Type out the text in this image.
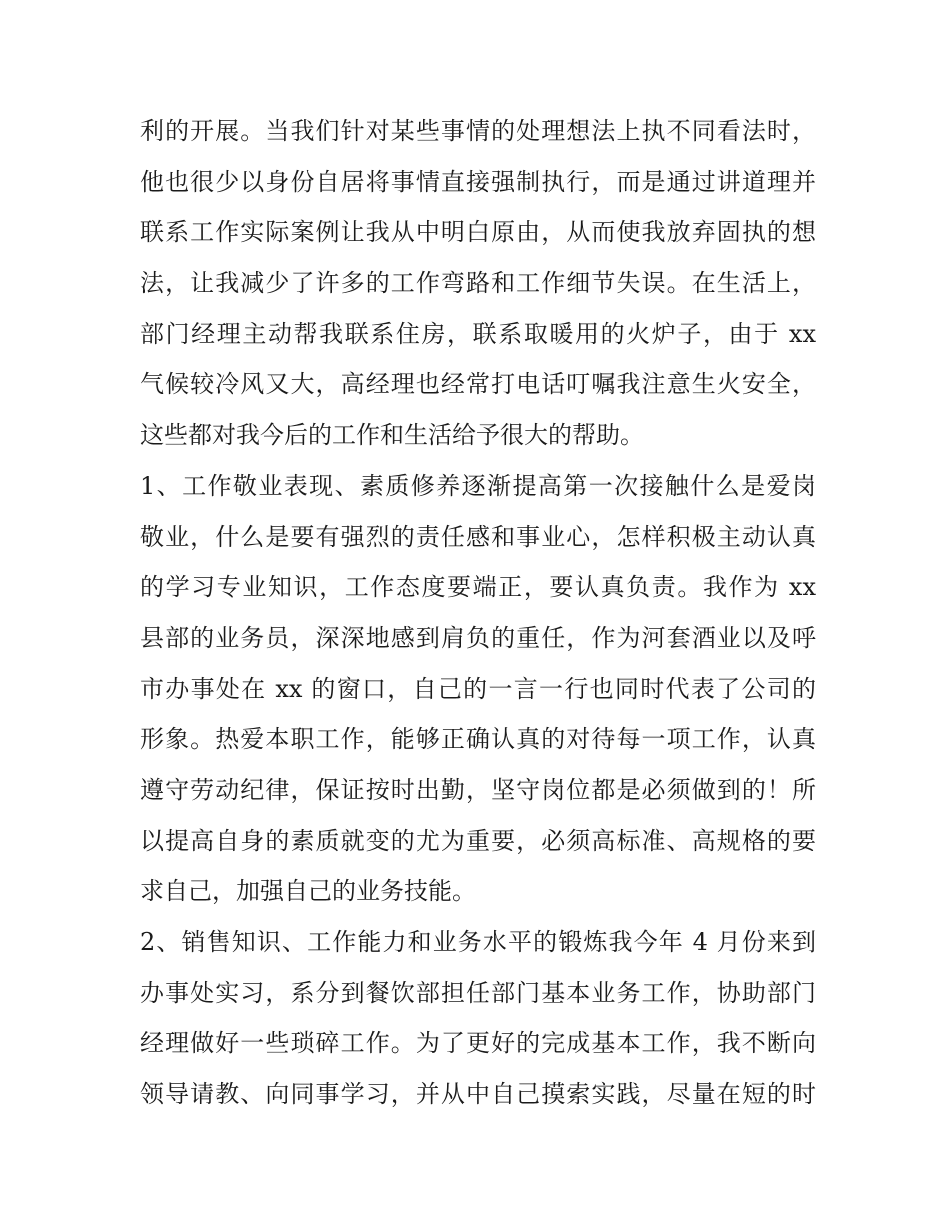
利的开展。当我们针对某些事情的处理想法上执不同看法时，
他也很少以身份自居将事情直接强制执行，而是通过讲道理并
联系工作实际案例让我从中明白原由，从而使我放弃固执的想
法，让我减少了许多的工作弯路和工作细节失误。在生活上，
部门经理主动帮我联系住房，联系取暖用的火炉子，由于 xx
气候较冷风又大，高经理也经常打电话叮嘱我注意生火安全，
这些都对我今后的工作和生活给予很大的帮助。
1、工作敬业表现、素质修养逐渐提高第一次接触什么是爱岗
敬业，什么是要有强烈的责任感和事业心，怎样积极主动认真
的学习专业知识，工作态度要端正，要认真负责。我作为 xx
县部的业务员，深深地感到肩负的重任，作为河套酒业以及呼
市办事处在 xx 的窗口，自己的一言一行也同时代表了公司的
形象。热爱本职工作，能够正确认真的对待每一项工作，认真
遵守劳动纪律，保证按时出勤，坚守岗位都是必须做到的！所
以提高自身的素质就变的尤为重要，必须高标准、高规格的要
求自己，加强自己的业务技能。
2、销售知识、工作能力和业务水平的锻炼我今年 4 月份来到
办事处实习，系分到餐饮部担任部门基本业务工作，协助部门
经理做好一些琐碎工作。为了更好的完成基本工作，我不断向
领导请教、向同事学习，并从中自己摸索实践，尽量在短的时
